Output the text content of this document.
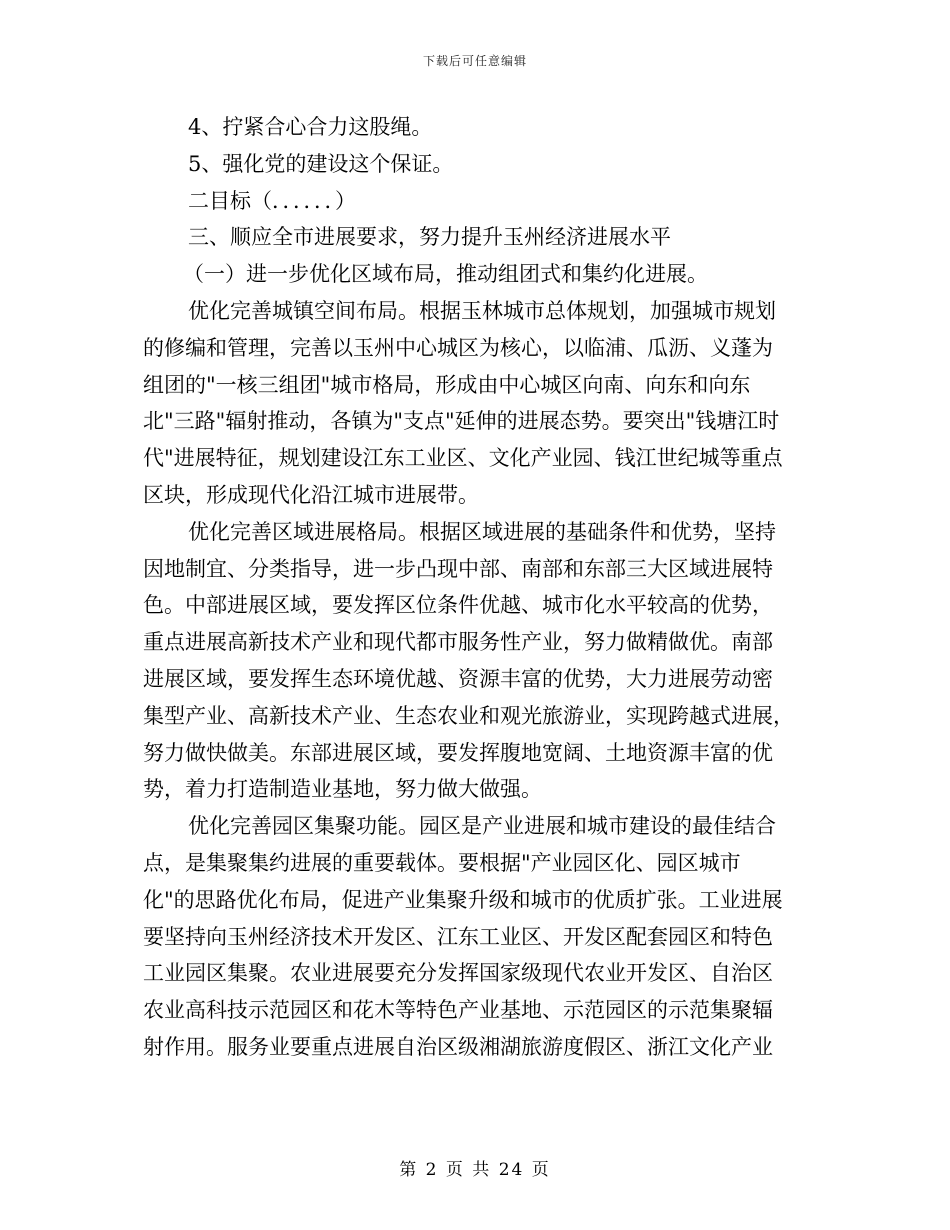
下载后可任意编辑
4、拧紧合心合力这股绳。
5、强化党的建设这个保证。
二目标（．．．．．．）
三、顺应全市进展要求，努力提升玉州经济进展水平
（一）进一步优化区域布局，推动组团式和集约化进展。
优化完善城镇空间布局。根据玉林城市总体规划，加强城市规划
的修编和管理，完善以玉州中心城区为核心，以临浦、瓜沥、义蓬为
组团的"一核三组团"城市格局，形成由中心城区向南、向东和向东
北"三路"辐射推动，各镇为"支点"延伸的进展态势。要突出"钱塘江时
代"进展特征，规划建设江东工业区、文化产业园、钱江世纪城等重点
区块，形成现代化沿江城市进展带。
优化完善区域进展格局。根据区域进展的基础条件和优势，坚持
因地制宜、分类指导，进一步凸现中部、南部和东部三大区域进展特
色。中部进展区域，要发挥区位条件优越、城市化水平较高的优势，
重点进展高新技术产业和现代都市服务性产业，努力做精做优。南部
进展区域，要发挥生态环境优越、资源丰富的优势，大力进展劳动密
集型产业、高新技术产业、生态农业和观光旅游业，实现跨越式进展，
努力做快做美。东部进展区域，要发挥腹地宽阔、土地资源丰富的优
势，着力打造制造业基地，努力做大做强。
优化完善园区集聚功能。园区是产业进展和城市建设的最佳结合
点，是集聚集约进展的重要载体。要根据"产业园区化、园区城市
化"的思路优化布局，促进产业集聚升级和城市的优质扩张。工业进展
要坚持向玉州经济技术开发区、江东工业区、开发区配套园区和特色
工业园区集聚。农业进展要充分发挥国家级现代农业开发区、自治区
农业高科技示范园区和花木等特色产业基地、示范园区的示范集聚辐
射作用。服务业要重点进展自治区级湘湖旅游度假区、浙江文化产业
第 2 页 共 24 页
